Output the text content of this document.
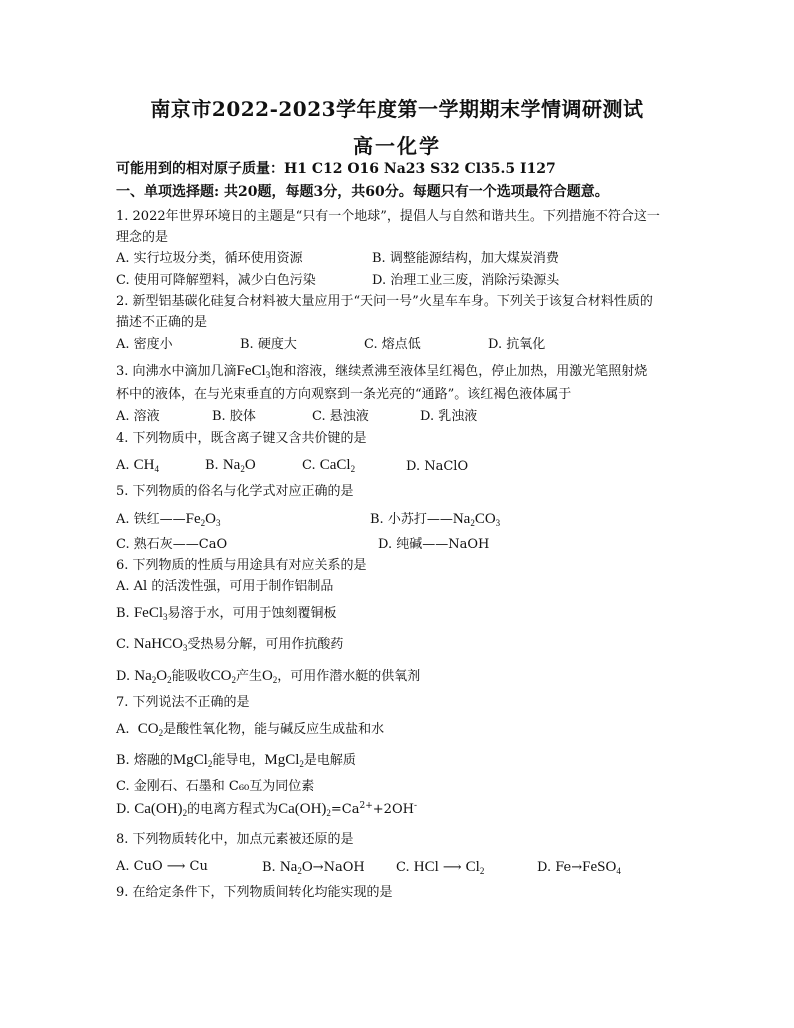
南京市2022-2023学年度第一学期期末学情调研测试
高一化学
可能用到的相对原子质量：H1 C12 O16 Na23 S32 Cl35.5 I127
一、单项选择题: 共20题，每题3分，共60分。每题只有一个选项最符合题意。
1. 2022年世界环境日的主题是“只有一个地球”，提倡人与自然和谐共生。下列措施不符合这一
理念的是
A. 实行垃圾分类，循环使用资源	B. 调整能源结构，加大煤炭消费
C. 使用可降解塑料，减少白色污染	D. 治理工业三废，消除污染源头
2. 新型铝基碳化硅复合材料被大量应用于“天问一号”火星车车身。下列关于该复合材料性质的
描述不正确的是
A. 密度小	B. 硬度大	C. 熔点低	D. 抗氧化
3. 向沸水中滴加几滴FeCl$_3$饱和溶液，继续煮沸至液体呈红褐色，停止加热，用激光笔照射烧
杯中的液体，在与光束垂直的方向观察到一条光亮的“通路”。该红褐色液体属于
A. 溶液	B. 胶体	C. 悬浊液	D. 乳浊液
4. 下列物质中，既含离子键又含共价键的是
A. $CH_4$	B. $Na_2O$	C. CaCl$_2$	D. NaClO
5. 下列物质的俗名与化学式对应正确的是
A. 铁红$——Fe_2O_3$	B. 小苏打$——Na_2CO_3$
C. 熟石灰——CaO	D. 纯碱——NaOH
6. 下列物质的性质与用途具有对应关系的是
A. Al 的活泼性强，可用于制作铝制品
B. FeCl$_3$易溶于水，可用于蚀刻覆铜板
C. NaHCO$_3$受热易分解，可用作抗酸药
D. $Na_2O_2$能吸收$CO_2$产生$O_2$，可用作潜水艇的供氧剂
7. 下列说法不正确的是
A.  $CO_2$是酸性氧化物，能与碱反应生成盐和水
B. 熔融的MgCl$_2$能导电，MgCl$_2$是电解质
C. 金刚石、石墨和 C₆₀互为同位素
D. $Ca(OH)_2$的电离方程式为$Ca(OH)_2=Ca^{2+}+2OH^-$
8. 下列物质转化中，加点元素被还原的是
A. CuO ⟶ Cu	B. $Na_2O\to NaOH$ C. HCl ⟶ $Cl_2$	D. Fe→FeSO$_4$
9. 在给定条件下，下列物质间转化均能实现的是
